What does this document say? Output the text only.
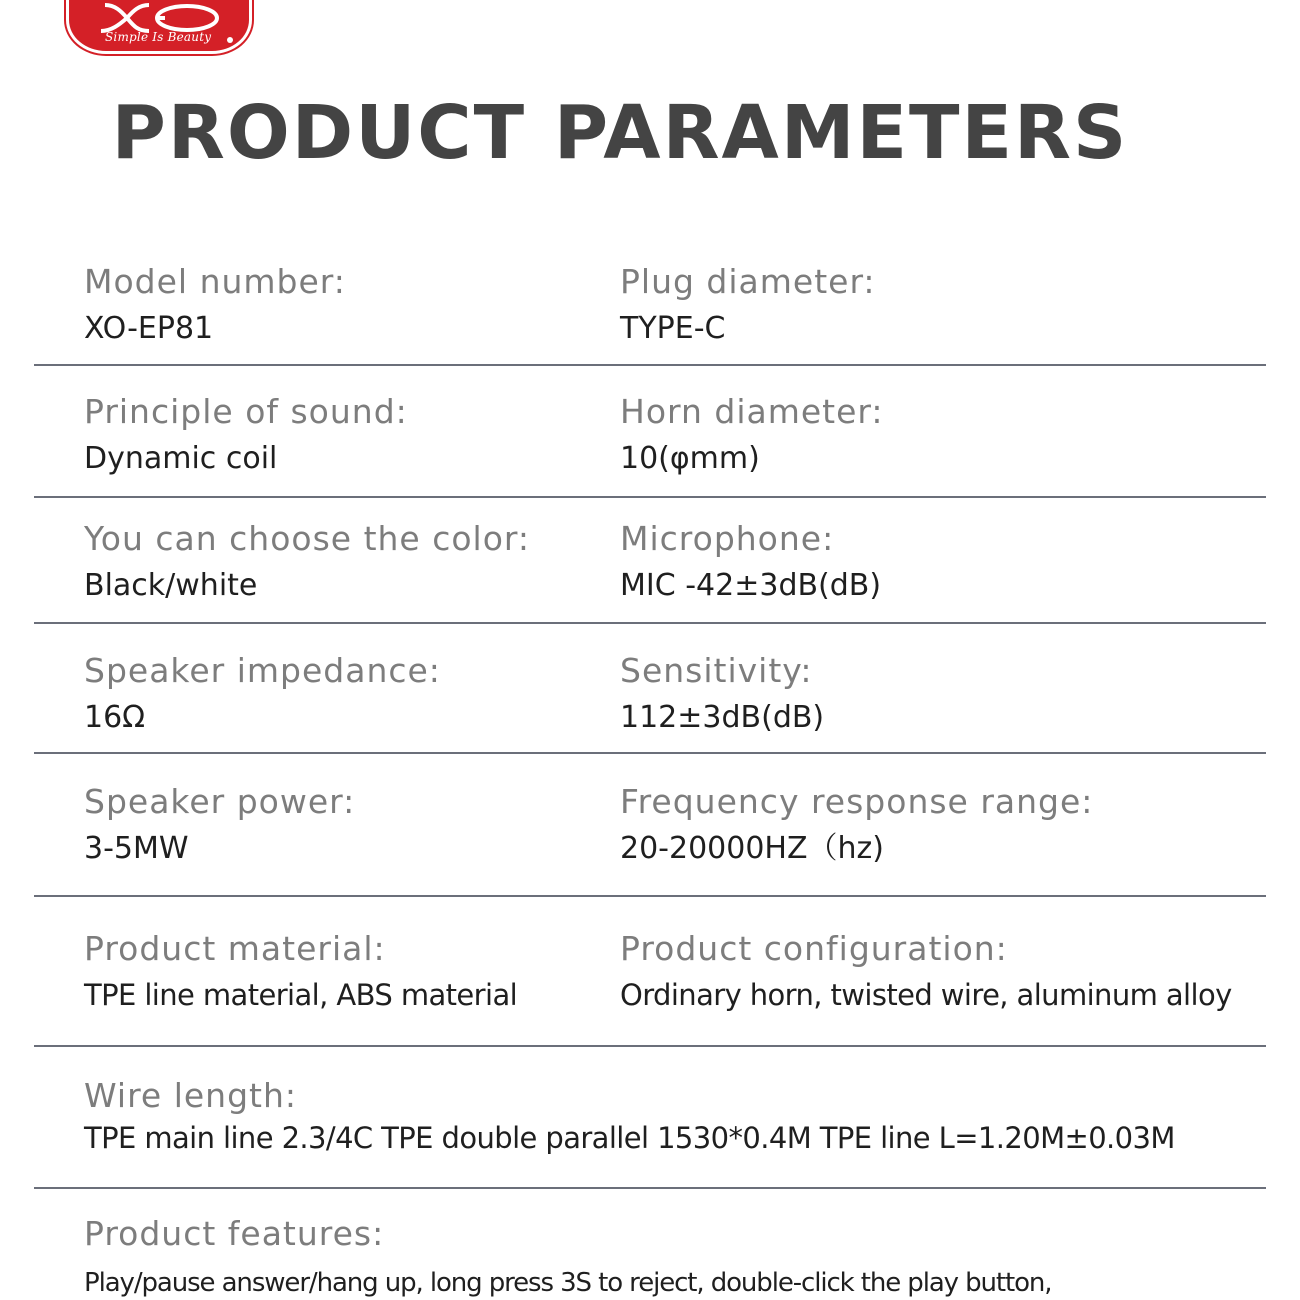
Simple Is Beauty
PRODUCT PARAMETERS
Model number:
XO-EP81
Plug diameter:
TYPE-C
Principle of sound:
Dynamic coil
Horn diameter:
10(φmm)
You can choose the color:
Black/white
Microphone:
MIC -42±3dB(dB)
Speaker impedance:
16Ω
Sensitivity:
112±3dB(dB)
Speaker power:
3-5MW
Frequency response range:
20-20000HZ（hz)
Product material:
TPE line material, ABS material
Product configuration:
Ordinary horn, twisted wire, aluminum alloy
Wire length:
TPE main line 2.3/4C TPE double parallel 1530*0.4M TPE line L=1.20M±0.03M
Product features:
Play/pause answer/hang up, long press 3S to reject, double-click the play button,
